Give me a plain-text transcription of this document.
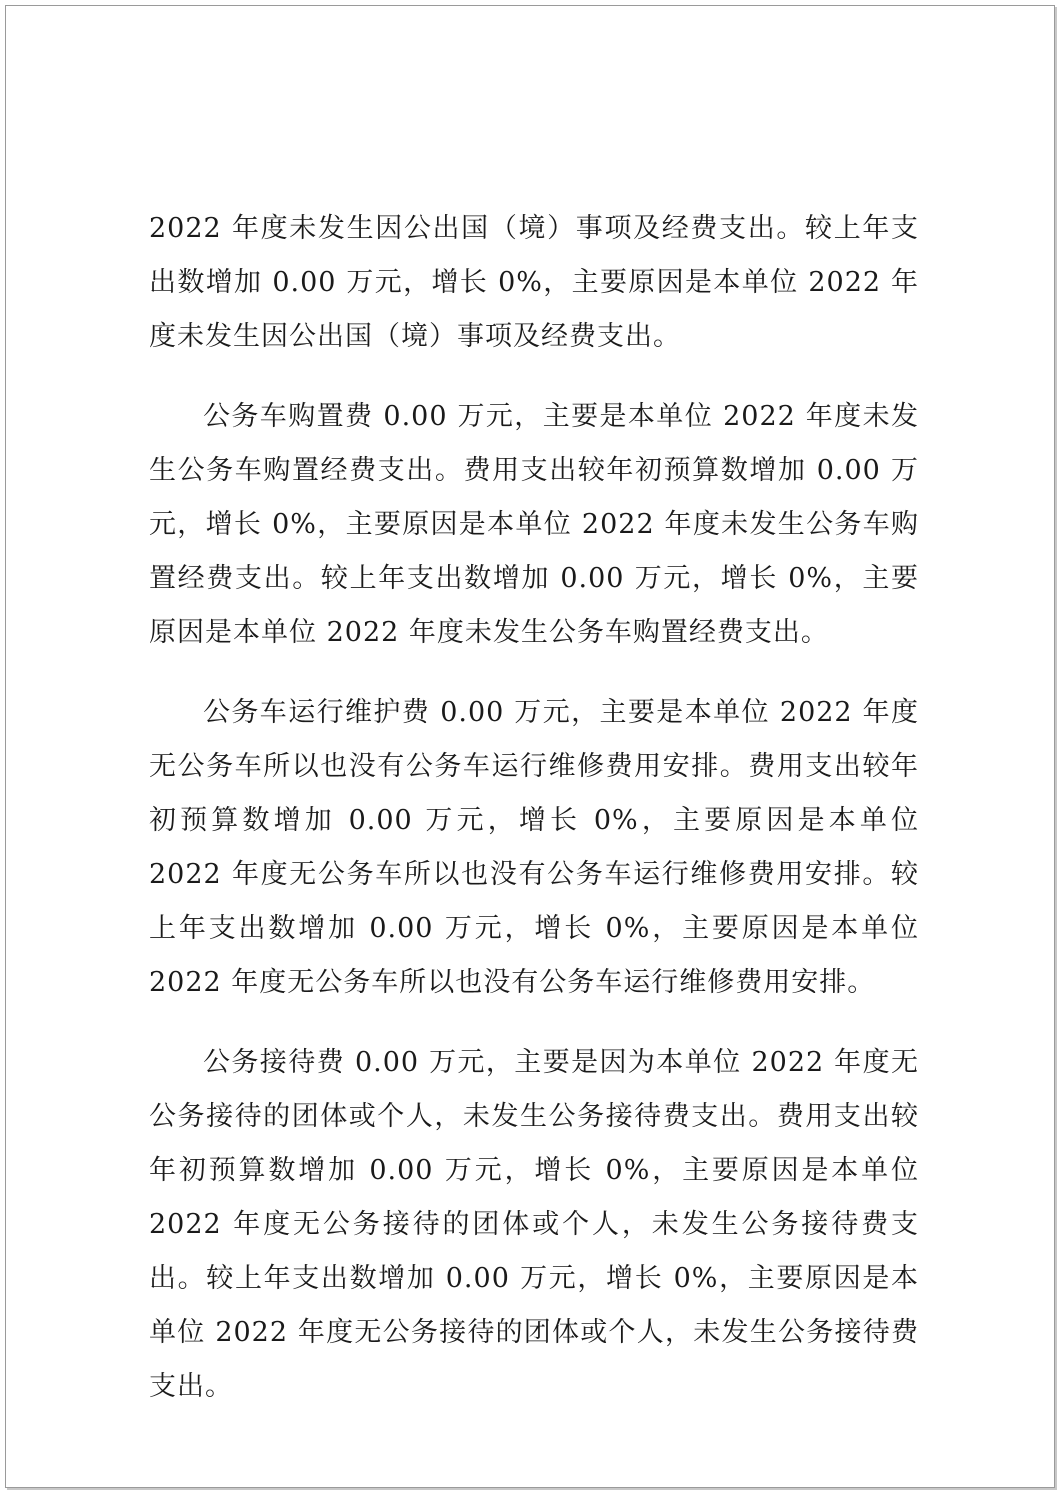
2022 年度未发生因公出国（境）事项及经费支出。较上年支出数增加 0.00 万元，增长 0%，主要原因是本单位 2022 年度未发生因公出国（境）事项及经费支出。

公务车购置费 0.00 万元，主要是本单位 2022 年度未发生公务车购置经费支出。费用支出较年初预算数增加 0.00 万元，增长 0%，主要原因是本单位 2022 年度未发生公务车购置经费支出。较上年支出数增加 0.00 万元，增长 0%，主要原因是本单位 2022 年度未发生公务车购置经费支出。

公务车运行维护费 0.00 万元，主要是本单位 2022 年度无公务车所以也没有公务车运行维修费用安排。费用支出较年初预算数增加 0.00 万元，增长 0%，主要原因是本单位 2022 年度无公务车所以也没有公务车运行维修费用安排。较上年支出数增加 0.00 万元，增长 0%，主要原因是本单位 2022 年度无公务车所以也没有公务车运行维修费用安排。

公务接待费 0.00 万元，主要是因为本单位 2022 年度无公务接待的团体或个人，未发生公务接待费支出。费用支出较年初预算数增加 0.00 万元，增长 0%，主要原因是本单位 2022 年度无公务接待的团体或个人，未发生公务接待费支出。较上年支出数增加 0.00 万元，增长 0%，主要原因是本单位 2022 年度无公务接待的团体或个人，未发生公务接待费支出。
